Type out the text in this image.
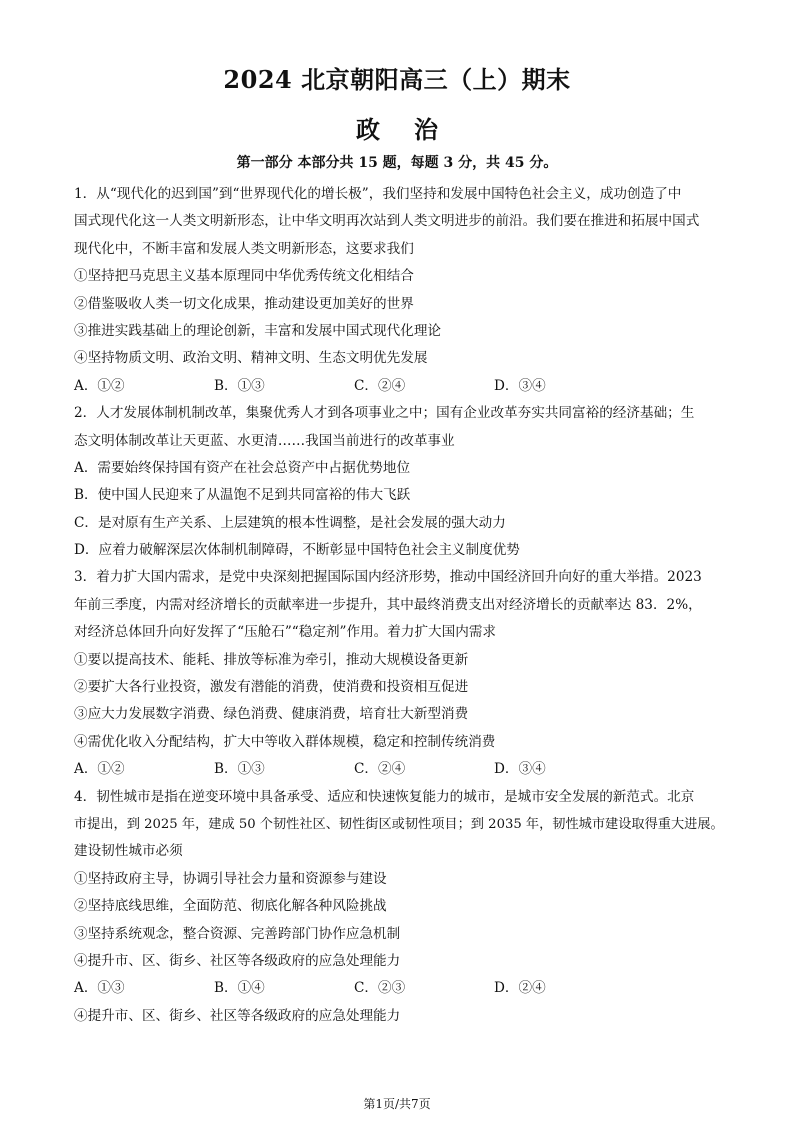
2024 北京朝阳高三（上）期末
政治
第一部分 本部分共 15 题，每题 3 分，共 45 分。
1．从“现代化的迟到国”到“世界现代化的增长极”，我们坚持和发展中国特色社会主义，成功创造了中
国式现代化这一人类文明新形态，让中华文明再次站到人类文明进步的前沿。我们要在推进和拓展中国式
现代化中，不断丰富和发展人类文明新形态，这要求我们
①坚持把马克思主义基本原理同中华优秀传统文化相结合
②借鉴吸收人类一切文化成果，推动建设更加美好的世界
③推进实践基础上的理论创新，丰富和发展中国式现代化理论
④坚持物质文明、政治文明、精神文明、生态文明优先发展
A．①②	B．①③	C．②④	D．③④
2．人才发展体制机制改革，集聚优秀人才到各项事业之中；国有企业改革夯实共同富裕的经济基础；生
态文明体制改革让天更蓝、水更清……我国当前进行的改革事业
A．需要始终保持国有资产在社会总资产中占据优势地位
B．使中国人民迎来了从温饱不足到共同富裕的伟大飞跃
C．是对原有生产关系、上层建筑的根本性调整，是社会发展的强大动力
D．应着力破解深层次体制机制障碍，不断彰显中国特色社会主义制度优势
3．着力扩大国内需求，是党中央深刻把握国际国内经济形势，推动中国经济回升向好的重大举措。2023
年前三季度，内需对经济增长的贡献率进一步提升，其中最终消费支出对经济增长的贡献率达 83．2%，
对经济总体回升向好发挥了“压舱石”“稳定剂”作用。着力扩大国内需求
①要以提高技术、能耗、排放等标准为牵引，推动大规模设备更新
②要扩大各行业投资，激发有潜能的消费，使消费和投资相互促进
③应大力发展数字消费、绿色消费、健康消费，培育壮大新型消费
④需优化收入分配结构，扩大中等收入群体规模，稳定和控制传统消费
A．①②	B．①③	C．②④	D．③④
4．韧性城市是指在逆变环境中具备承受、适应和快速恢复能力的城市，是城市安全发展的新范式。北京
市提出，到 2025 年，建成 50 个韧性社区、韧性街区或韧性项目；到 2035 年，韧性城市建设取得重大进展。
建设韧性城市必须
①坚持政府主导，协调引导社会力量和资源参与建设
②坚持底线思维，全面防范、彻底化解各种风险挑战
③坚持系统观念，整合资源、完善跨部门协作应急机制
④提升市、区、街乡、社区等各级政府的应急处理能力
A．①③	B．①④	C．②③	D．②④
④提升市、区、街乡、社区等各级政府的应急处理能力
第1页/共7页
